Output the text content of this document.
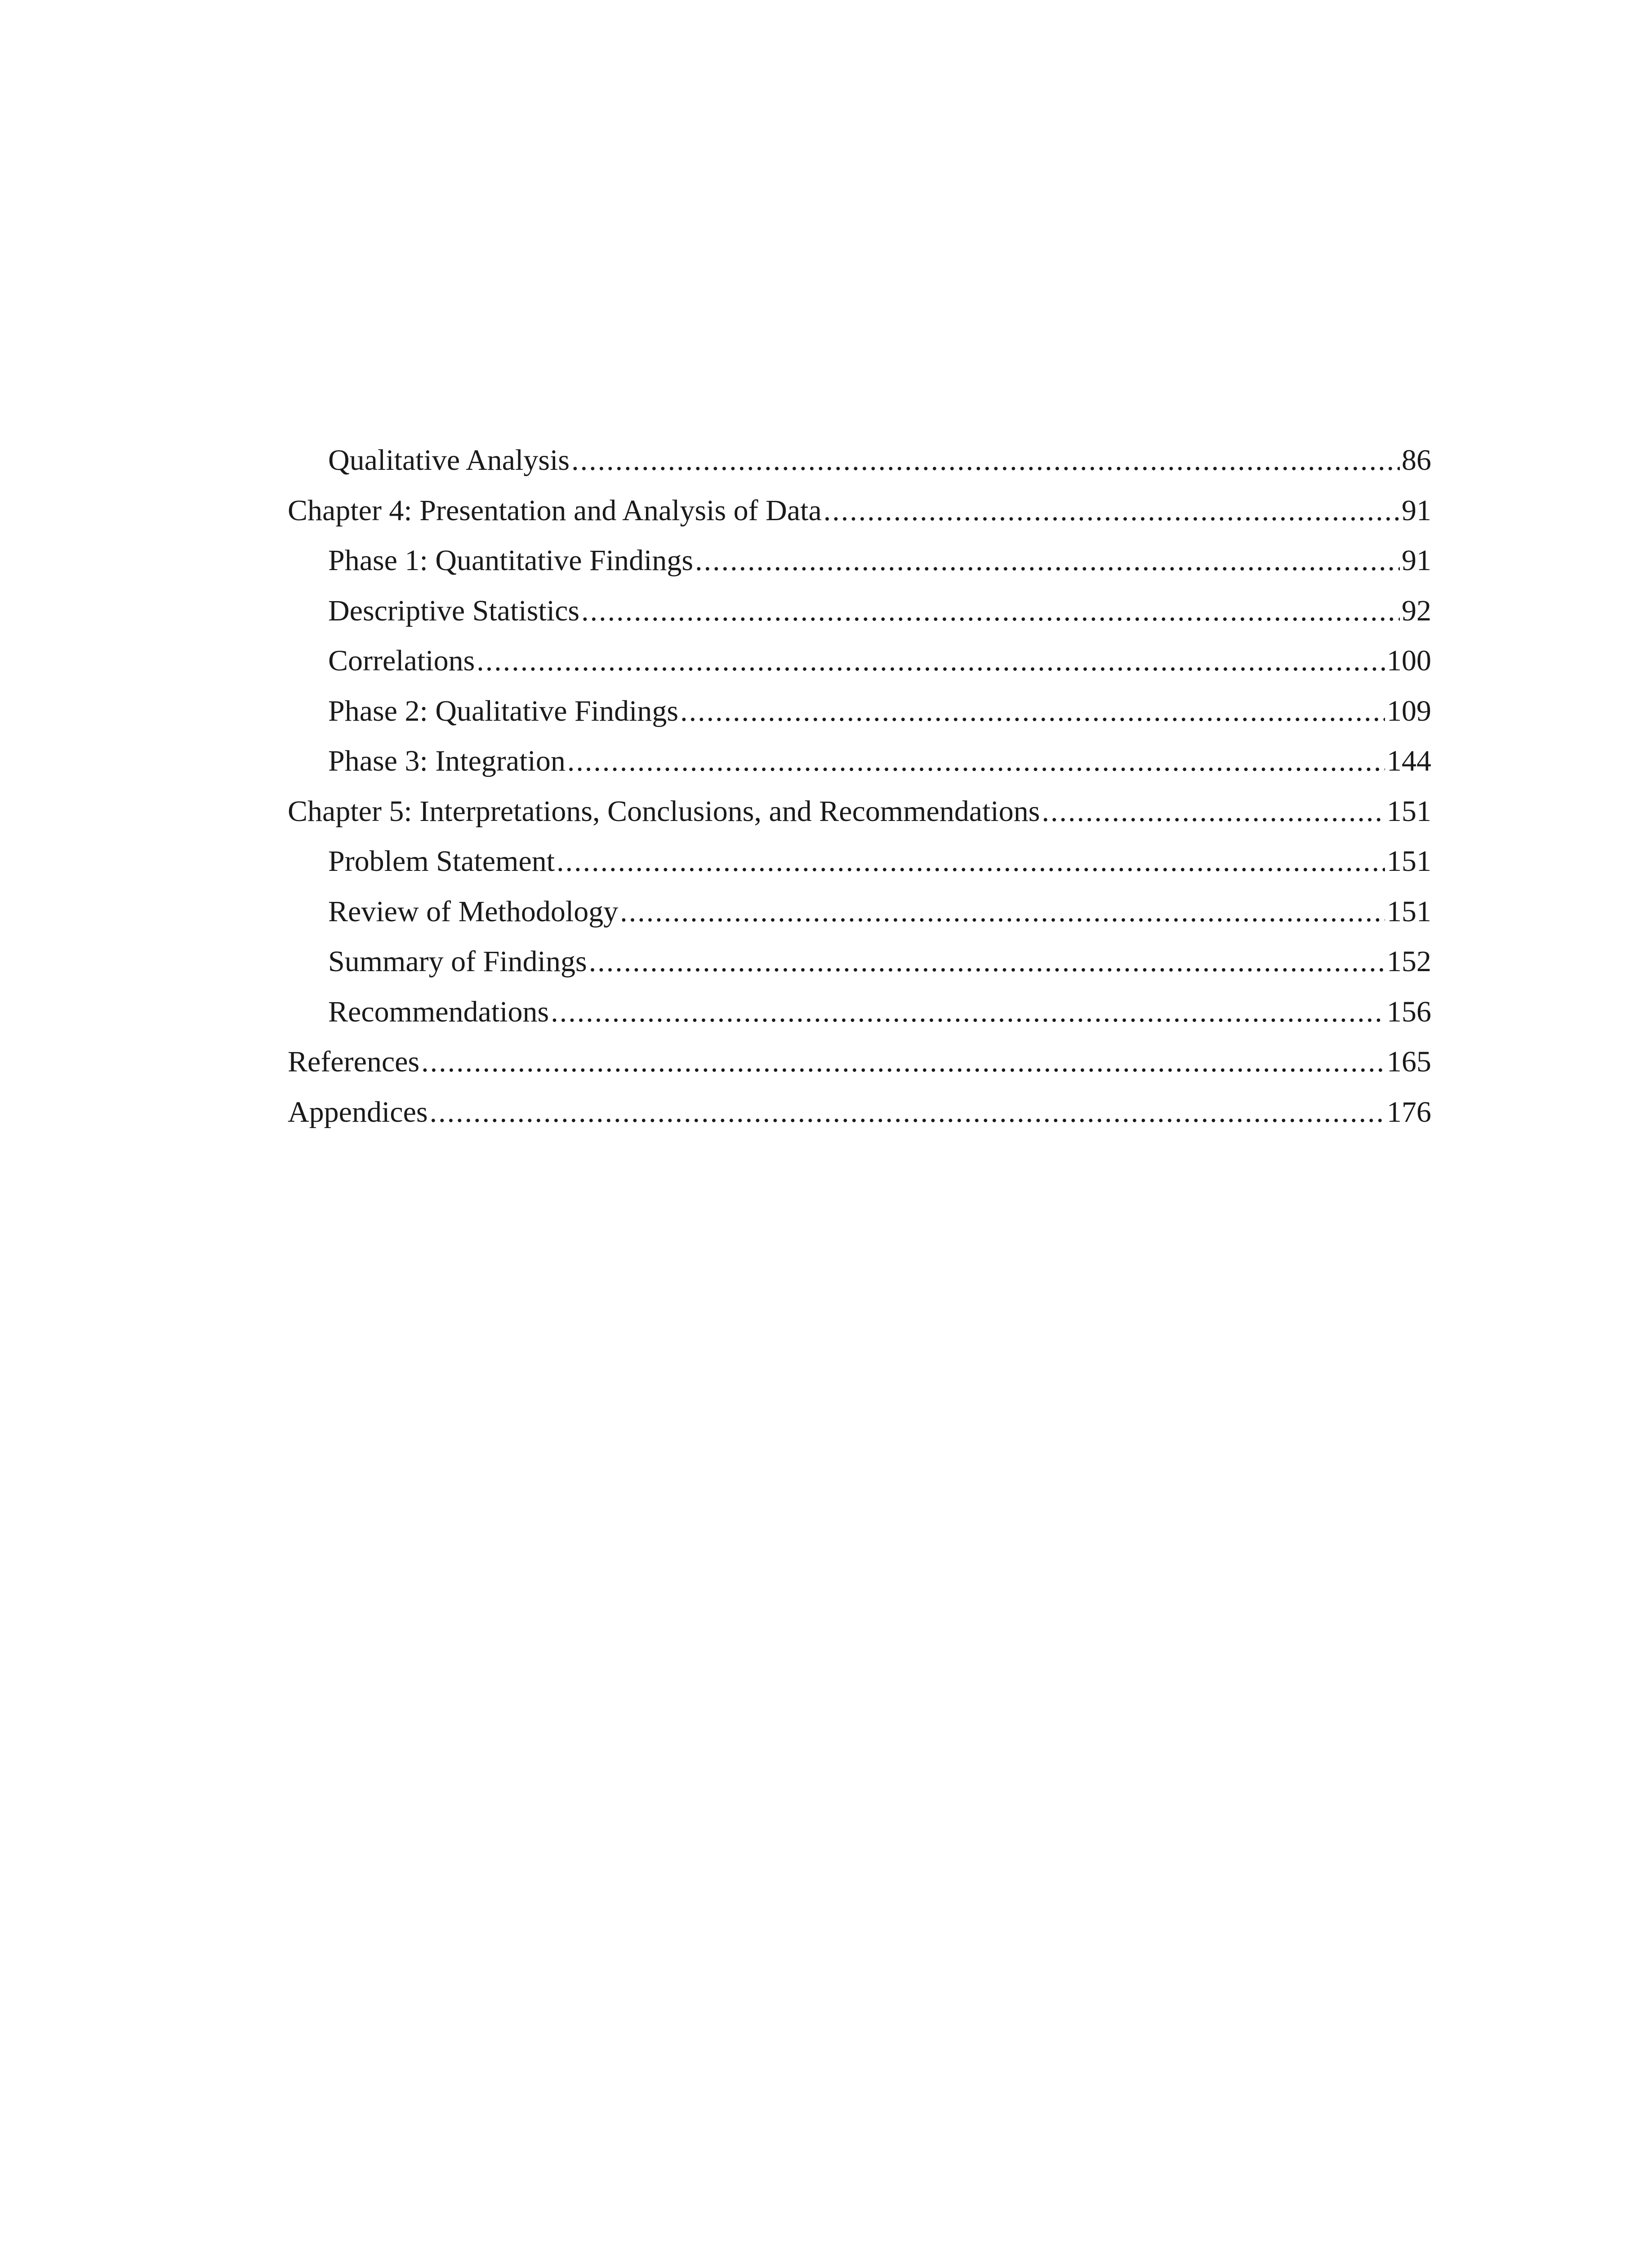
Qualitative Analysis .....	86
Chapter 4: Presentation and Analysis of Data .....	91
Phase 1: Quantitative Findings .....	91
Descriptive Statistics .....	92
Correlations .....	100
Phase 2: Qualitative Findings .....	109
Phase 3: Integration .....	144
Chapter 5: Interpretations, Conclusions, and Recommendations .....	151
Problem Statement .....	151
Review of Methodology .....	151
Summary of Findings .....	152
Recommendations .....	156
References .....	165
Appendices .....	176
